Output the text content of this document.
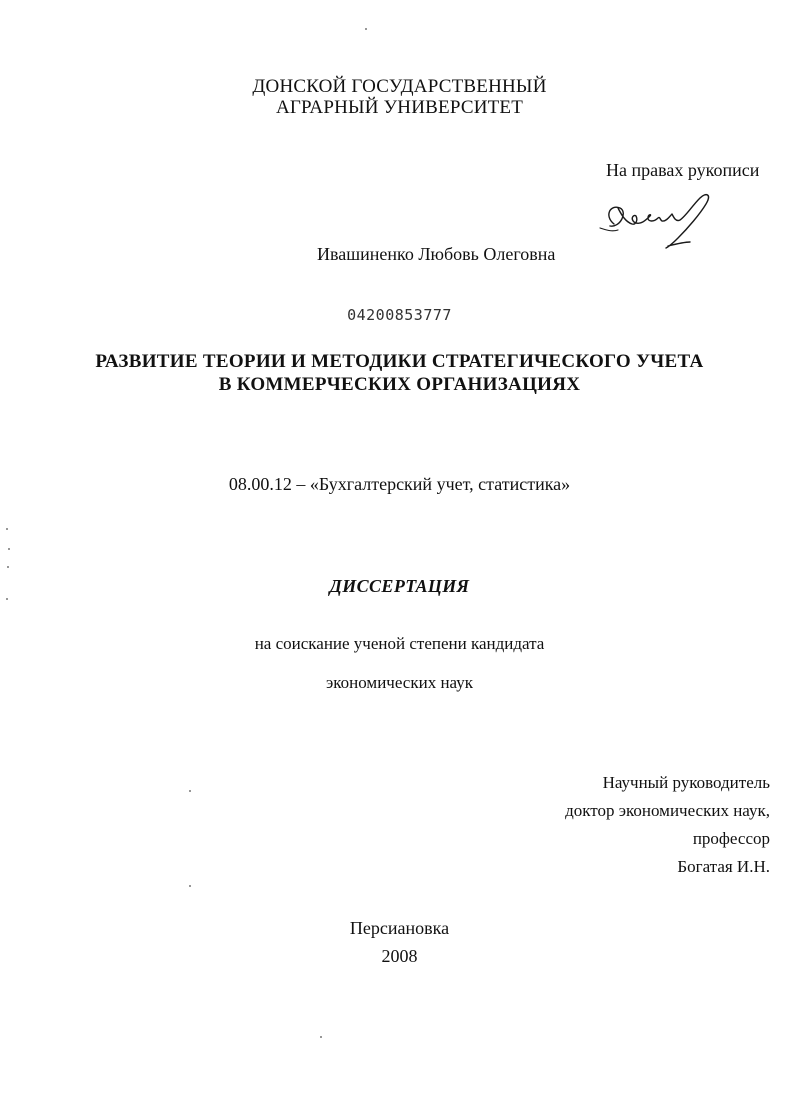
ДОНСКОЙ ГОСУДАРСТВЕННЫЙ
АГРАРНЫЙ УНИВЕРСИТЕТ
На правах рукописи
Ивашиненко Любовь Олеговна
04200853777
РАЗВИТИЕ ТЕОРИИ И МЕТОДИКИ СТРАТЕГИЧЕСКОГО УЧЕТА
В КОММЕРЧЕСКИХ ОРГАНИЗАЦИЯХ
08.00.12 – «Бухгалтерский учет, статистика»
ДИССЕРТАЦИЯ
на соискание ученой степени кандидата
экономических наук
Научный руководитель
доктор экономических наук,
профессор
Богатая И.Н.
Персиановка
2008
